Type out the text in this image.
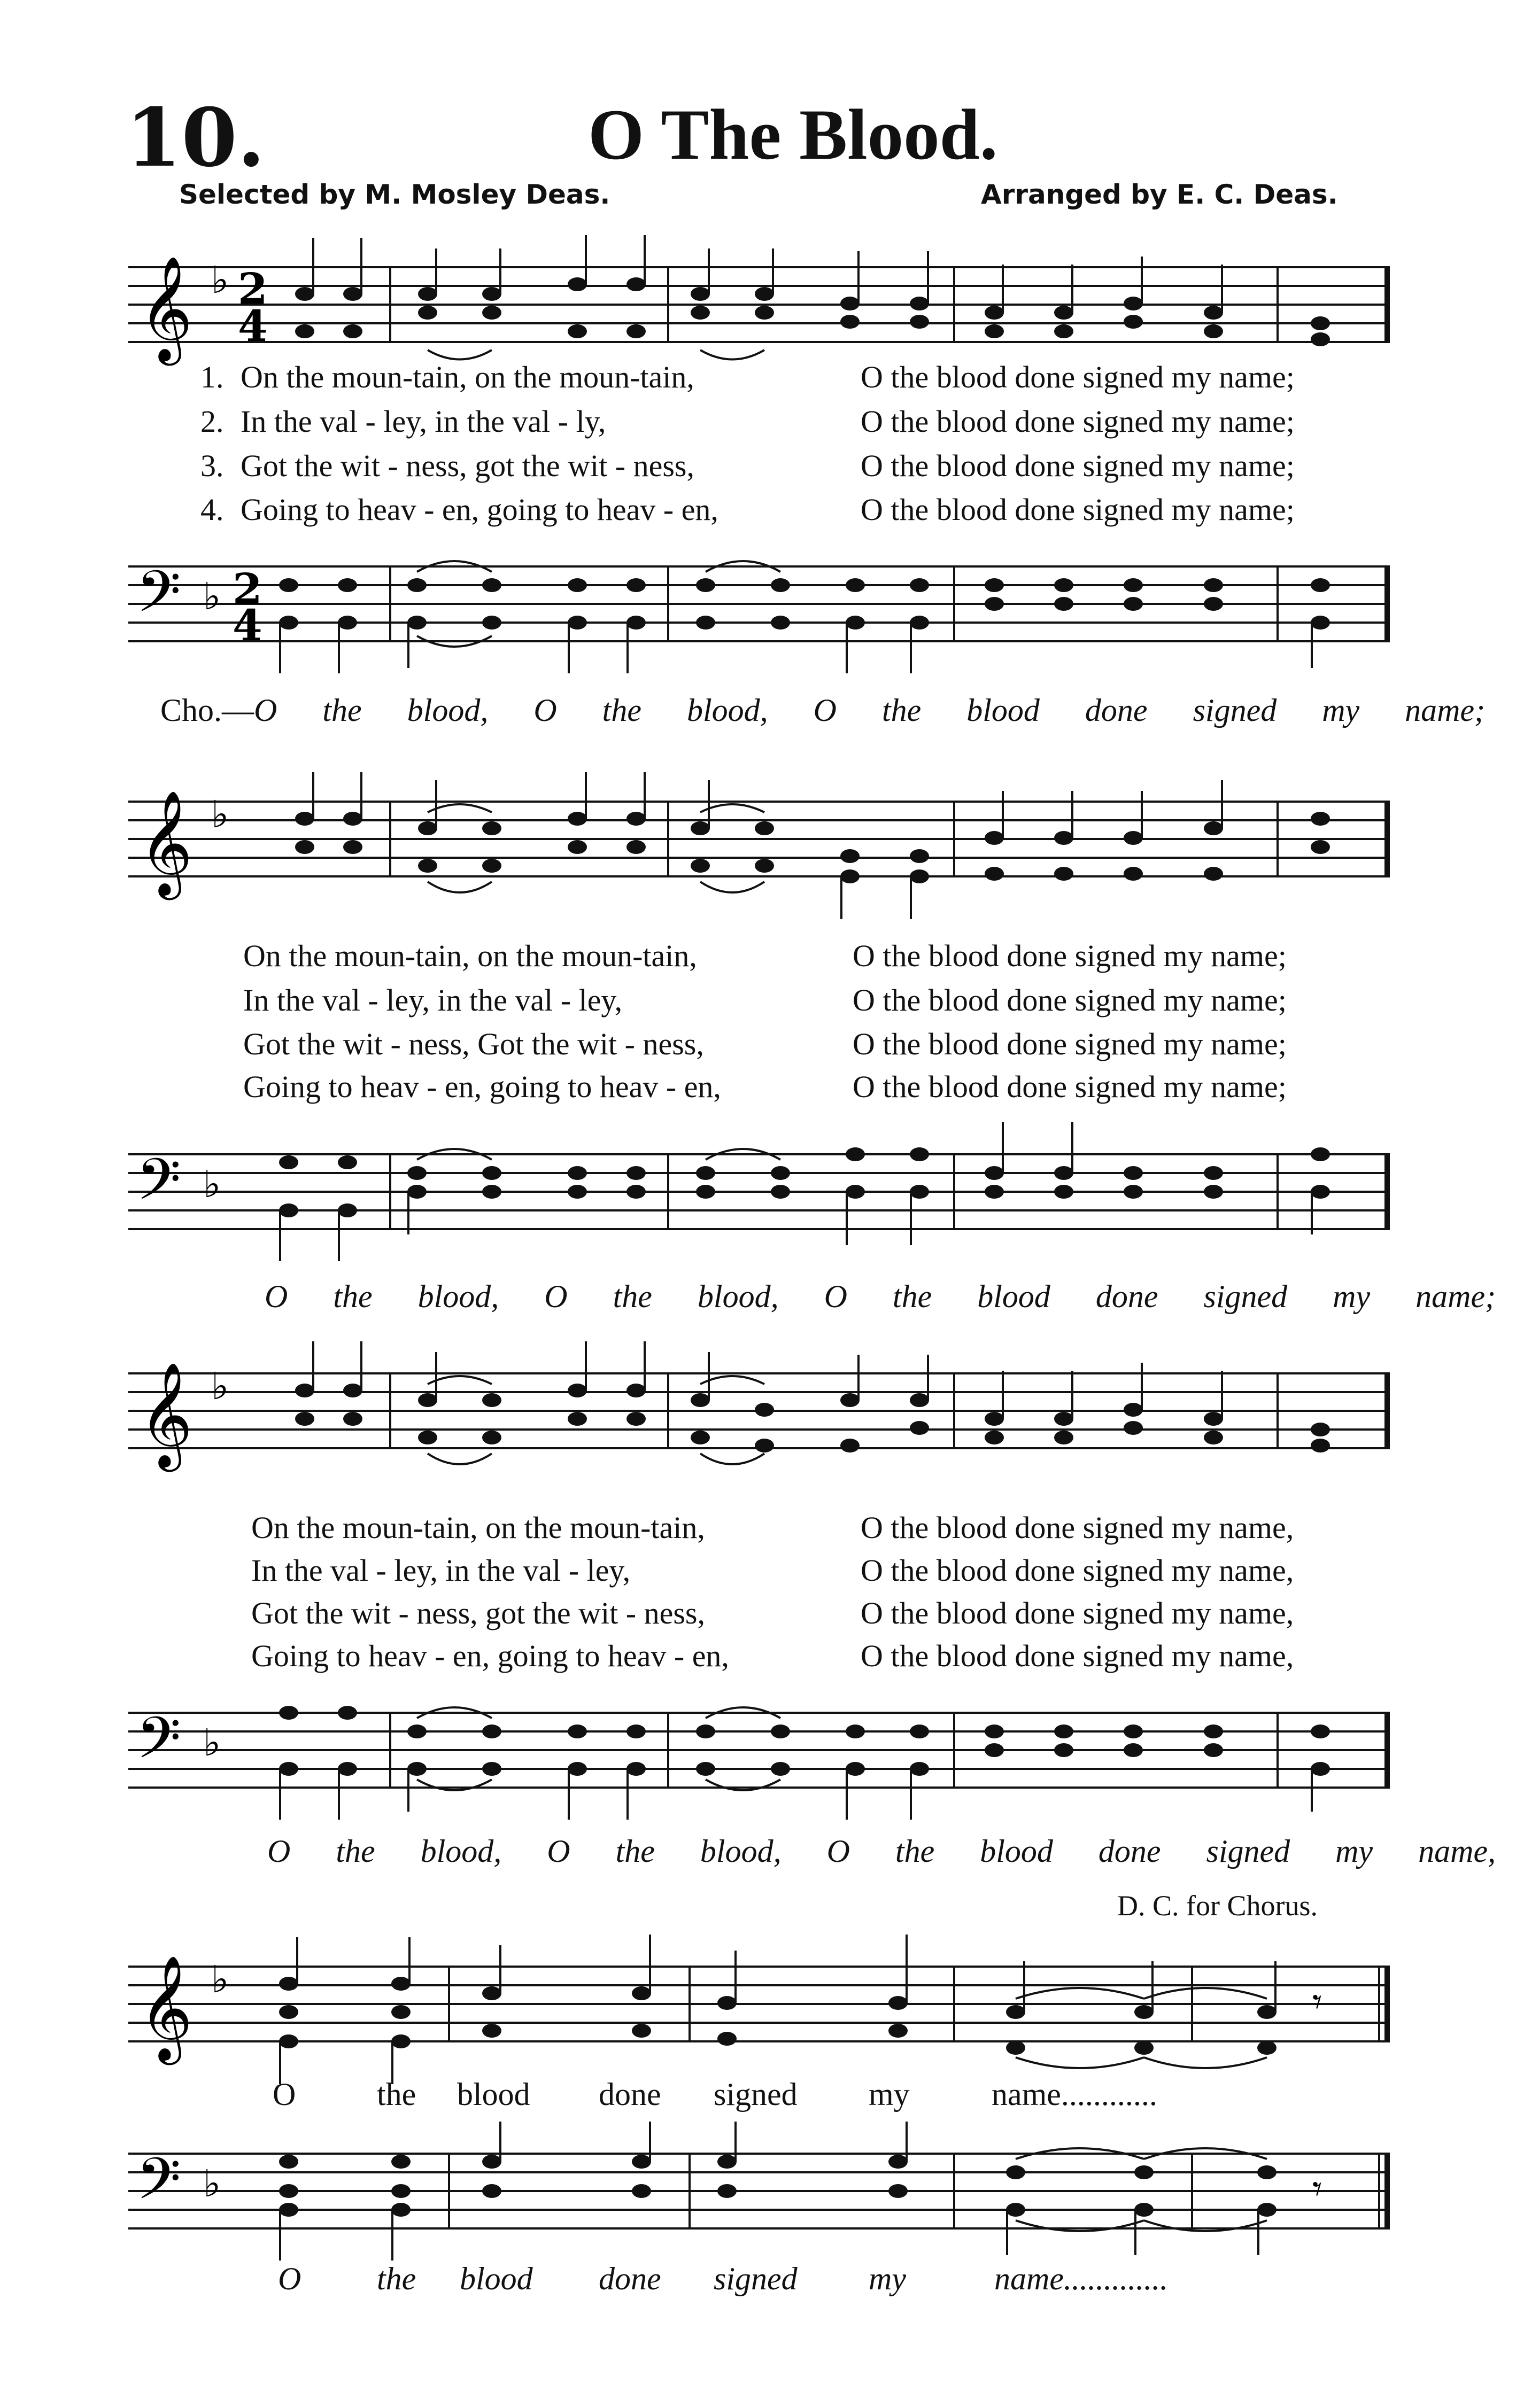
10.	O The Blood.
Selected by M. Mosley Deas.	Arranged by E. C. Deas.
𝄞 ♭ 2
4
1. On the moun-tain, on the moun-tain,	O the blood done signed my name;
2. In the val - ley, in the val - ly,	O the blood done signed my name;
3. Got the wit - ness, got the wit - ness,	O the blood done signed my name;
4. Going to heav - en, going to heav - en,	O the blood done signed my name;
𝄢 ♭ 2
4
Cho.—O the blood, O the blood, O the blood done signed my name;
𝄞 ♭
On the moun-tain, on the moun-tain,	O the blood done signed my name;
In the val - ley, in the val - ley,	O the blood done signed my name;
Got the wit - ness, Got the wit - ness,	O the blood done signed my name;
Going to heav - en, going to heav - en,	O the blood done signed my name;
𝄢 ♭
O the blood, O the blood, O the blood done signed my name;
𝄞 ♭
On the moun-tain, on the moun-tain,	O the blood done signed my name,
In the val - ley, in the val - ley,	O the blood done signed my name,
Got the wit - ness, got the wit - ness,	O the blood done signed my name,
Going to heav - en, going to heav - en,	O the blood done signed my name,
𝄢 ♭
O the blood, O the blood, O the blood done signed my name,
D. C. for Chorus.
𝄞 ♭
𝄾
O	the blood done signed my	name............
𝄢 ♭	𝄾
O the blood done signed my	name.............
